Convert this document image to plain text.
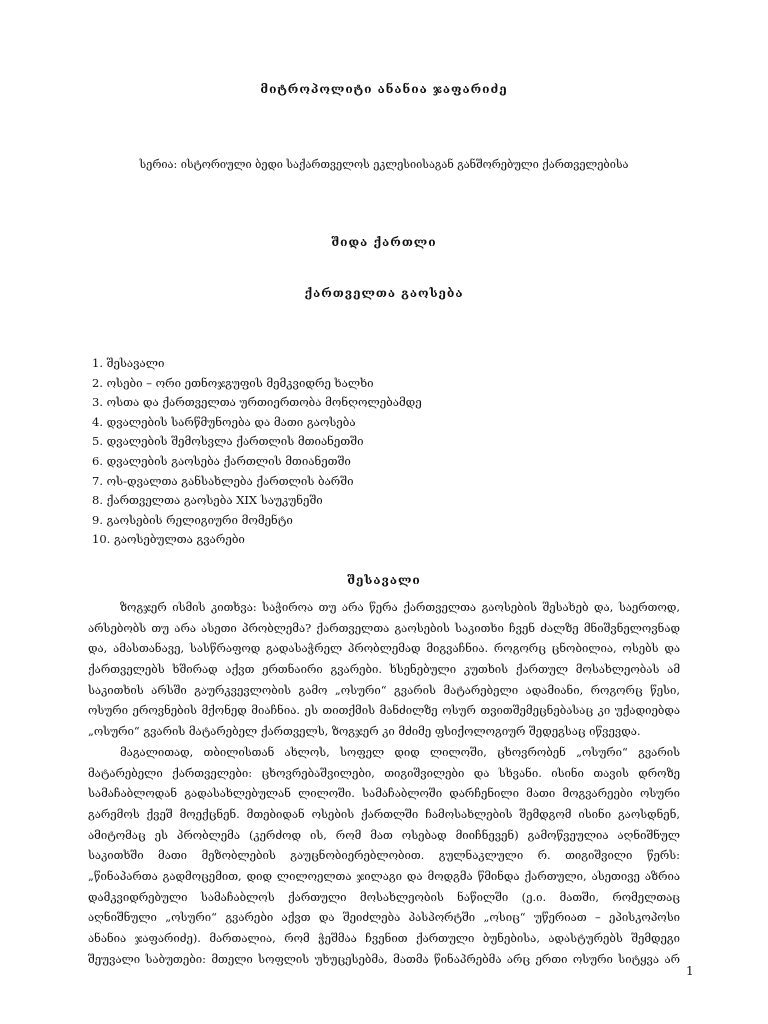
მიტროპოლიტი ანანია ჯაფარიძე
სერია: ისტორიული ბედი საქართველოს ეკლესიისაგან განშორებული ქართველებისა
შიდა ქართლი
ქართველთა გაოსება
1. შესავალი
2. ოსები – ორი ეთნოჯგუფის მემკვიდრე ხალხი
3. ოსთა და ქართველთა ურთიერთობა მონღოლებამდე
4. დვალების სარწმუნოება და მათი გაოსება
5. დვალების შემოსვლა ქართლის მთიანეთში
6. დვალების გაოსება ქართლის მთიანეთში
7. ოს-დვალთა განსახლება ქართლის ბარში
8. ქართველთა გაოსება XIX საუკუნეში
9. გაოსების რელიგიური მომენტი
10. გაოსებულთა გვარები
შესავალი
ზოგჯერ ისმის კითხვა: საჭიროა თუ არა წერა ქართველთა გაოსების შესახებ და, საერთოდ,
არსებობს თუ არა ასეთი პრობლემა? ქართველთა გაოსების საკითხი ჩვენ ძალზე მნიშვნელოვნად
და, ამასთანავე, სასწრაფოდ გადასაჭრელ პრობლემად მიგვაჩნია. როგორც ცნობილია, ოსებს და
ქართველებს ხშირად აქვთ ერთნაირი გვარები. ხსენებული კუთხის ქართულ მოსახლეობას ამ
საკითხის არსში გაურკვევლობის გამო „ოსური“ გვარის მატარებელი ადამიანი, როგორც წესი,
ოსური ეროვნების მქონედ მიაჩნია. ეს თითქმის მანძილზე ოსურ თვითშემეცნებასაც კი უქადიებდა
„ოსური“ გვარის მატარებელ ქართველს, ზოგჯერ კი მძიმე ფსიქოლოგიურ შედეგსაც იწვევდა.
მაგალითად, თბილისთან ახლოს, სოფელ დიდ ლილოში, ცხოვრობენ „ოსური“ გვარის
მატარებელი ქართველები: ცხოვრებაშვილები, თიგიშვილები და სხვანი. ისინი თავის დროზე
სამაჩაბლოდან გადასახლებულან ლილოში. სამაჩაბლოში დარჩენილი მათი მოგვარეები ოსური
გარემოს ქვეშ მოექცნენ. მთებიდან ოსების ქართლში ჩამოსახლების შემდგომ ისინი გაოსდნენ,
ამიტომაც ეს პრობლემა (კერძოდ ის, რომ მათ ოსებად მიიჩნევენ) გამოწვეულია აღნიშნულ
საკითხში მათი მეზობლების გაუცნობიერებლობით. გულნაკლული რ. თიგიშვილი წერს:
„წინაპართა გადმოცემით, დიდ ლილოელთა ჯილაგი და მოდგმა წმინდა ქართული, ასეთივე აზრია
დამკვიდრებული სამაჩაბლოს ქართული მოსახლეობის ნაწილში (ე.ი. მათში, რომელთაც
აღნიშნული „ოსური“ გვარები აქვთ და შეიძლება პასპორტში „ოსიც“ უწერიათ – ეპისკოპოსი
ანანია ჯაფარიძე). მართალია, რომ ჭეშმაა ჩვენით ქართული ბუნებისა, ადასტურებს შემდეგი
შეუვალი საბუთები: მთელი სოფლის უხუცესებმა, მათმა წინაპრებმა არც ერთი ოსური სიტყვა არ
1
